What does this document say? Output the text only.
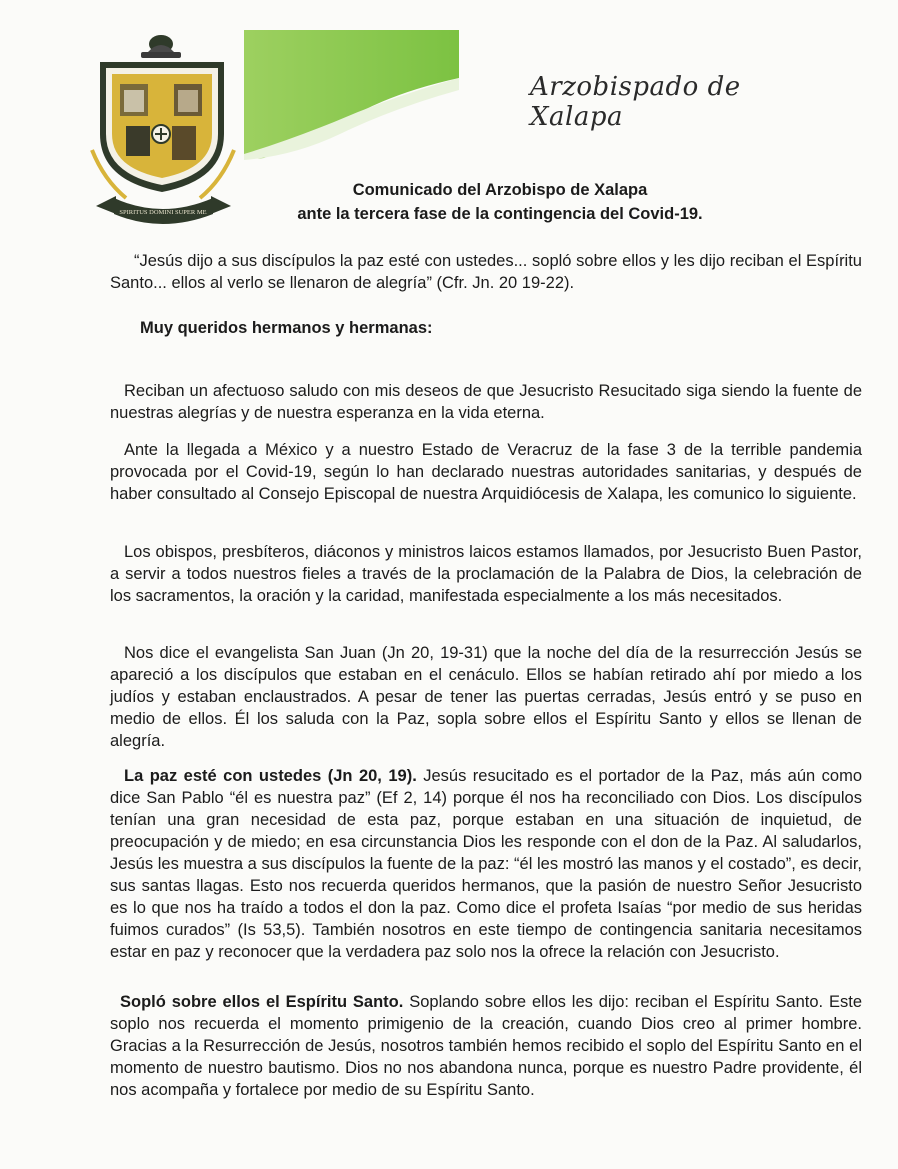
SPIRITUS DOMINI SUPER ME
Arzobispado de Xalapa
Comunicado del Arzobispo de Xalapa
ante la tercera fase de la contingencia del Covid-19.
“Jesús dijo a sus discípulos la paz esté con ustedes... sopló sobre ellos y les dijo reciban el Espíritu Santo... ellos al verlo se llenaron de alegría” (Cfr. Jn. 20 19-22).
Muy queridos hermanos y hermanas:
Reciban un afectuoso saludo con mis deseos de que Jesucristo Resucitado siga siendo la fuente de nuestras alegrías y de nuestra esperanza en la vida eterna.
Ante la llegada a México y a nuestro Estado de Veracruz de la fase 3 de la terrible pandemia provocada por el Covid-19, según lo han declarado nuestras autoridades sanitarias, y después de haber consultado al Consejo Episcopal de nuestra Arquidiócesis de Xalapa, les comunico lo siguiente.
Los obispos, presbíteros, diáconos y ministros laicos estamos llamados, por Jesucristo Buen Pastor, a servir a todos nuestros fieles a través de la proclamación de la Palabra de Dios, la celebración de los sacramentos, la oración y la caridad, manifestada especialmente a los más necesitados.
Nos dice el evangelista San Juan (Jn 20, 19-31) que la noche del día de la resurrección Jesús se apareció a los discípulos que estaban en el cenáculo. Ellos se habían retirado ahí por miedo a los judíos y estaban enclaustrados. A pesar de tener las puertas cerradas, Jesús entró y se puso en medio de ellos. Él los saluda con la Paz, sopla sobre ellos el Espíritu Santo y ellos se llenan de alegría.
La paz esté con ustedes (Jn 20, 19). Jesús resucitado es el portador de la Paz, más aún como dice San Pablo “él es nuestra paz” (Ef 2, 14) porque él nos ha reconciliado con Dios. Los discípulos tenían una gran necesidad de esta paz, porque estaban en una situación de inquietud, de preocupación y de miedo; en esa circunstancia Dios les responde con el don de la Paz. Al saludarlos, Jesús les muestra a sus discípulos la fuente de la paz: “él les mostró las manos y el costado”, es decir, sus santas llagas. Esto nos recuerda queridos hermanos, que la pasión de nuestro Señor Jesucristo es lo que nos ha traído a todos el don la paz. Como dice el profeta Isaías “por medio de sus heridas fuimos curados” (Is 53,5). También nosotros en este tiempo de contingencia sanitaria necesitamos estar en paz y reconocer que la verdadera paz solo nos la ofrece la relación con Jesucristo.
Sopló sobre ellos el Espíritu Santo. Soplando sobre ellos les dijo: reciban el Espíritu Santo. Este soplo nos recuerda el momento primigenio de la creación, cuando Dios creo al primer hombre. Gracias a la Resurrección de Jesús, nosotros también hemos recibido el soplo del Espíritu Santo en el momento de nuestro bautismo. Dios no nos abandona nunca, porque es nuestro Padre providente, él nos acompaña y fortalece por medio de su Espíritu Santo.
